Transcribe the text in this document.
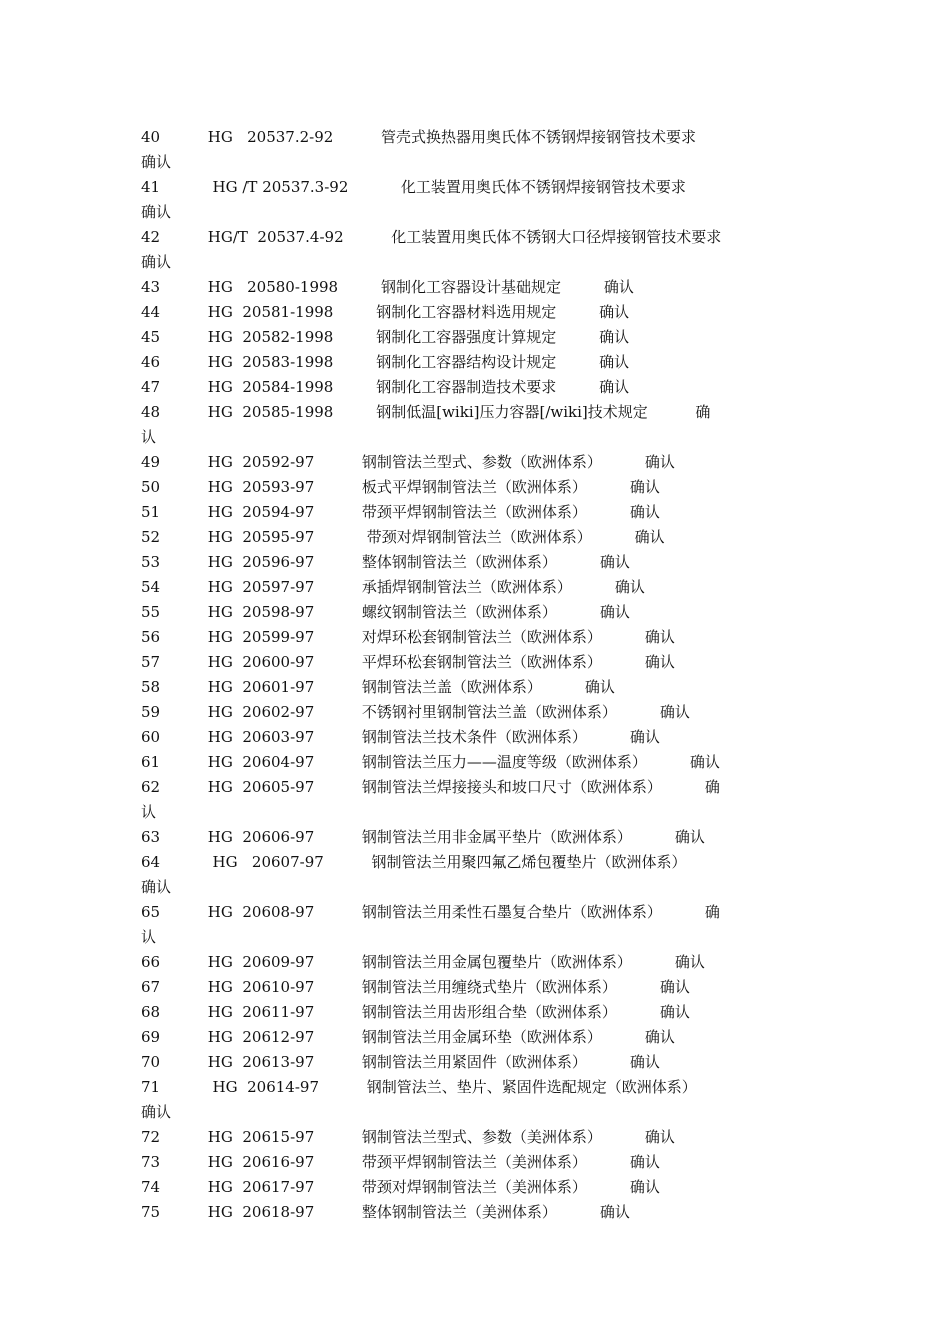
40          HG   20537.2-92          管壳式换热器用奥氏体不锈钢焊接钢管技术要求
确认
41           HG /T 20537.3-92           化工装置用奥氏体不锈钢焊接钢管技术要求
确认
42          HG/T  20537.4-92          化工装置用奥氏体不锈钢大口径焊接钢管技术要求
确认
43          HG   20580-1998         钢制化工容器设计基础规定         确认
44          HG  20581-1998         钢制化工容器材料选用规定         确认
45          HG  20582-1998         钢制化工容器强度计算规定         确认
46          HG  20583-1998         钢制化工容器结构设计规定         确认
47          HG  20584-1998         钢制化工容器制造技术要求         确认
48          HG  20585-1998         钢制低温[wiki]压力容器[/wiki]技术规定          确
认
49          HG  20592-97          钢制管法兰型式、参数（欧洲体系）         确认
50          HG  20593-97          板式平焊钢制管法兰（欧洲体系）         确认
51          HG  20594-97          带颈平焊钢制管法兰（欧洲体系）         确认
52          HG  20595-97           带颈对焊钢制管法兰（欧洲体系）         确认
53          HG  20596-97          整体钢制管法兰（欧洲体系）         确认
54          HG  20597-97          承插焊钢制管法兰（欧洲体系）         确认
55          HG  20598-97          螺纹钢制管法兰（欧洲体系）         确认
56          HG  20599-97          对焊环松套钢制管法兰（欧洲体系）         确认
57          HG  20600-97          平焊环松套钢制管法兰（欧洲体系）         确认
58          HG  20601-97          钢制管法兰盖（欧洲体系）         确认
59          HG  20602-97          不锈钢衬里钢制管法兰盖（欧洲体系）         确认
60          HG  20603-97          钢制管法兰技术条件（欧洲体系）         确认
61          HG  20604-97          钢制管法兰压力——温度等级（欧洲体系）         确认
62          HG  20605-97          钢制管法兰焊接接头和坡口尺寸（欧洲体系）         确
认
63          HG  20606-97          钢制管法兰用非金属平垫片（欧洲体系）         确认
64           HG   20607-97          钢制管法兰用聚四氟乙烯包覆垫片（欧洲体系）
确认
65          HG  20608-97          钢制管法兰用柔性石墨复合垫片（欧洲体系）         确
认
66          HG  20609-97          钢制管法兰用金属包覆垫片（欧洲体系）         确认
67          HG  20610-97          钢制管法兰用缠绕式垫片（欧洲体系）         确认
68          HG  20611-97          钢制管法兰用齿形组合垫（欧洲体系）         确认
69          HG  20612-97          钢制管法兰用金属环垫（欧洲体系）         确认
70          HG  20613-97          钢制管法兰用紧固件（欧洲体系）         确认
71           HG  20614-97          钢制管法兰、垫片、紧固件选配规定（欧洲体系）
确认
72          HG  20615-97          钢制管法兰型式、参数（美洲体系）         确认
73          HG  20616-97          带颈平焊钢制管法兰（美洲体系）         确认
74          HG  20617-97          带颈对焊钢制管法兰（美洲体系）         确认
75          HG  20618-97          整体钢制管法兰（美洲体系）         确认
